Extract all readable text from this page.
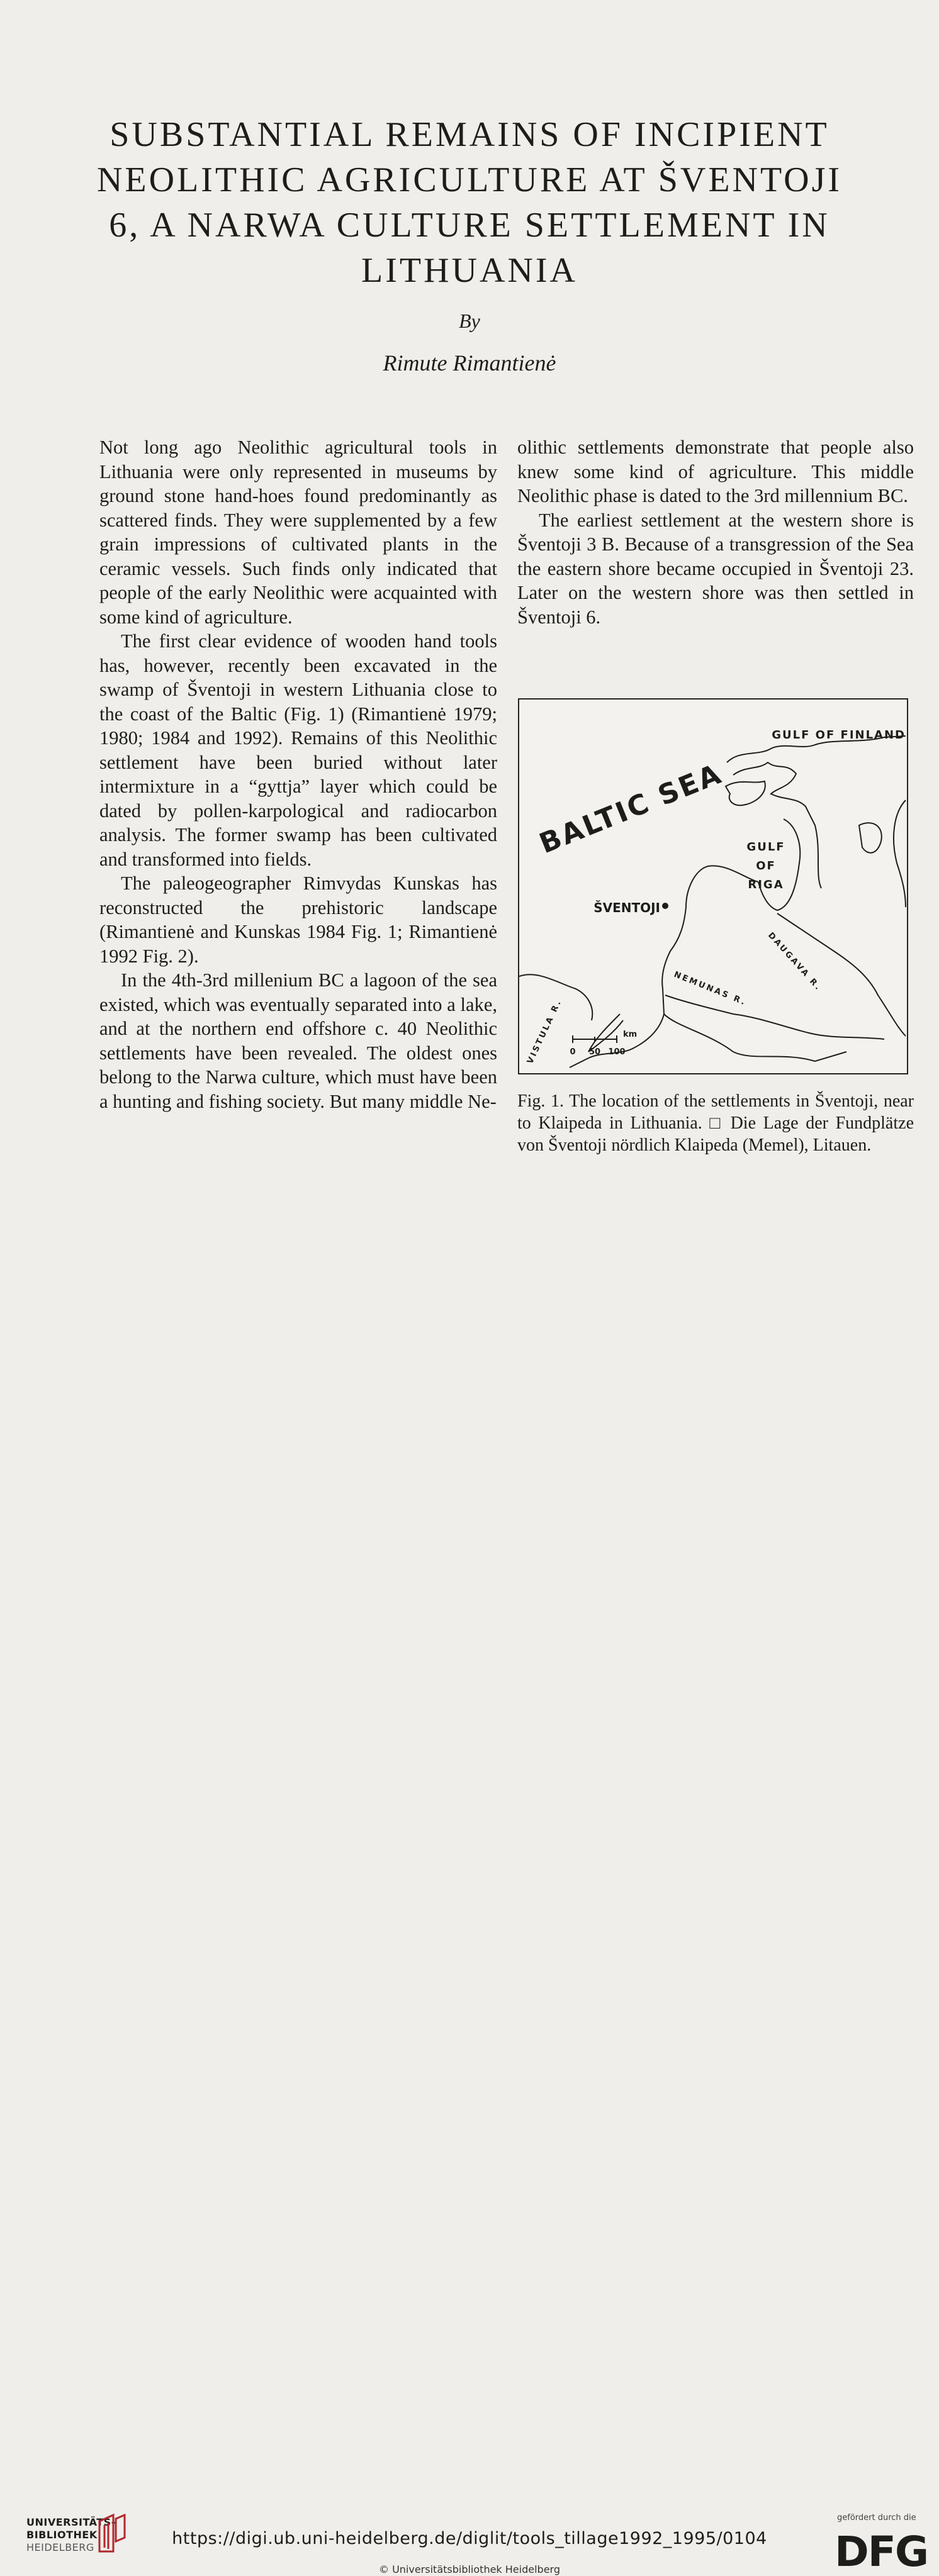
SUBSTANTIAL REMAINS OF INCIPIENT
NEOLITHIC AGRICULTURE AT ŠVENTOJI
6, A NARWA CULTURE SETTLEMENT IN
LITHUANIA
By
Rimute Rimantienė

Not long ago Neolithic agricultural tools in Lithuania were only represented in museums by ground stone hand-hoes found predominantly as scattered finds. They were supplemented by a few grain impressions of cultivated plants in the ceramic vessels. Such finds only indicated that people of the early Neolithic were acquainted with some kind of agriculture.

The first clear evidence of wooden hand tools has, however, recently been excavated in the swamp of Šventoji in western Lithuania close to the coast of the Baltic (Fig. 1) (Rimantienė 1979; 1980; 1984 and 1992). Remains of this Neolithic settlement have been buried without later intermixture in a “gyttja” layer which could be dated by pollen-karpological and radiocarbon analysis. The former swamp has been cultivated and transformed into fields.

The paleogeographer Rimvydas Kunskas has reconstructed the prehistoric landscape (Rimantienė and Kunskas 1984 Fig. 1; Rimantienė 1992 Fig. 2).

In the 4th-3rd millenium BC a lagoon of the sea existed, which was eventually separated into a lake, and at the northern end offshore c. 40 Neolithic settlements have been revealed. The oldest ones belong to the Narwa culture, which must have been a hunting and fishing society. But many middle Ne-

olithic settlements demonstrate that people also knew some kind of agriculture. This middle Neolithic phase is dated to the 3rd millennium BC.

The earliest settlement at the western shore is Šventoji 3 B. Because of a transgression of the Sea the eastern shore became occupied in Šventoji 23. Later on the western shore was then settled in Šventoji 6.

GULF OF FINLAND
BALTIC SEA GULF
OF
RIGA
ŠVENTOJI
DAUGAVA R.
NEMUNAS R.
VISTULA R.	km
0 50 100
Fig. 1. The location of the settlements in Šventoji, near to Klaipeda in Lithuania. □ Die Lage der Fundplätze von Šventoji nördlich Klaipeda (Memel), Litauen.
UNIVERSITÄTS-
BIBLIOTHEK
HEIDELBERG	https://digi.ub.uni-heidelberg.de/diglit/tools_tillage1992_1995/0104
© Universitätsbibliothek Heidelberg
gefördert durch die
DFG
